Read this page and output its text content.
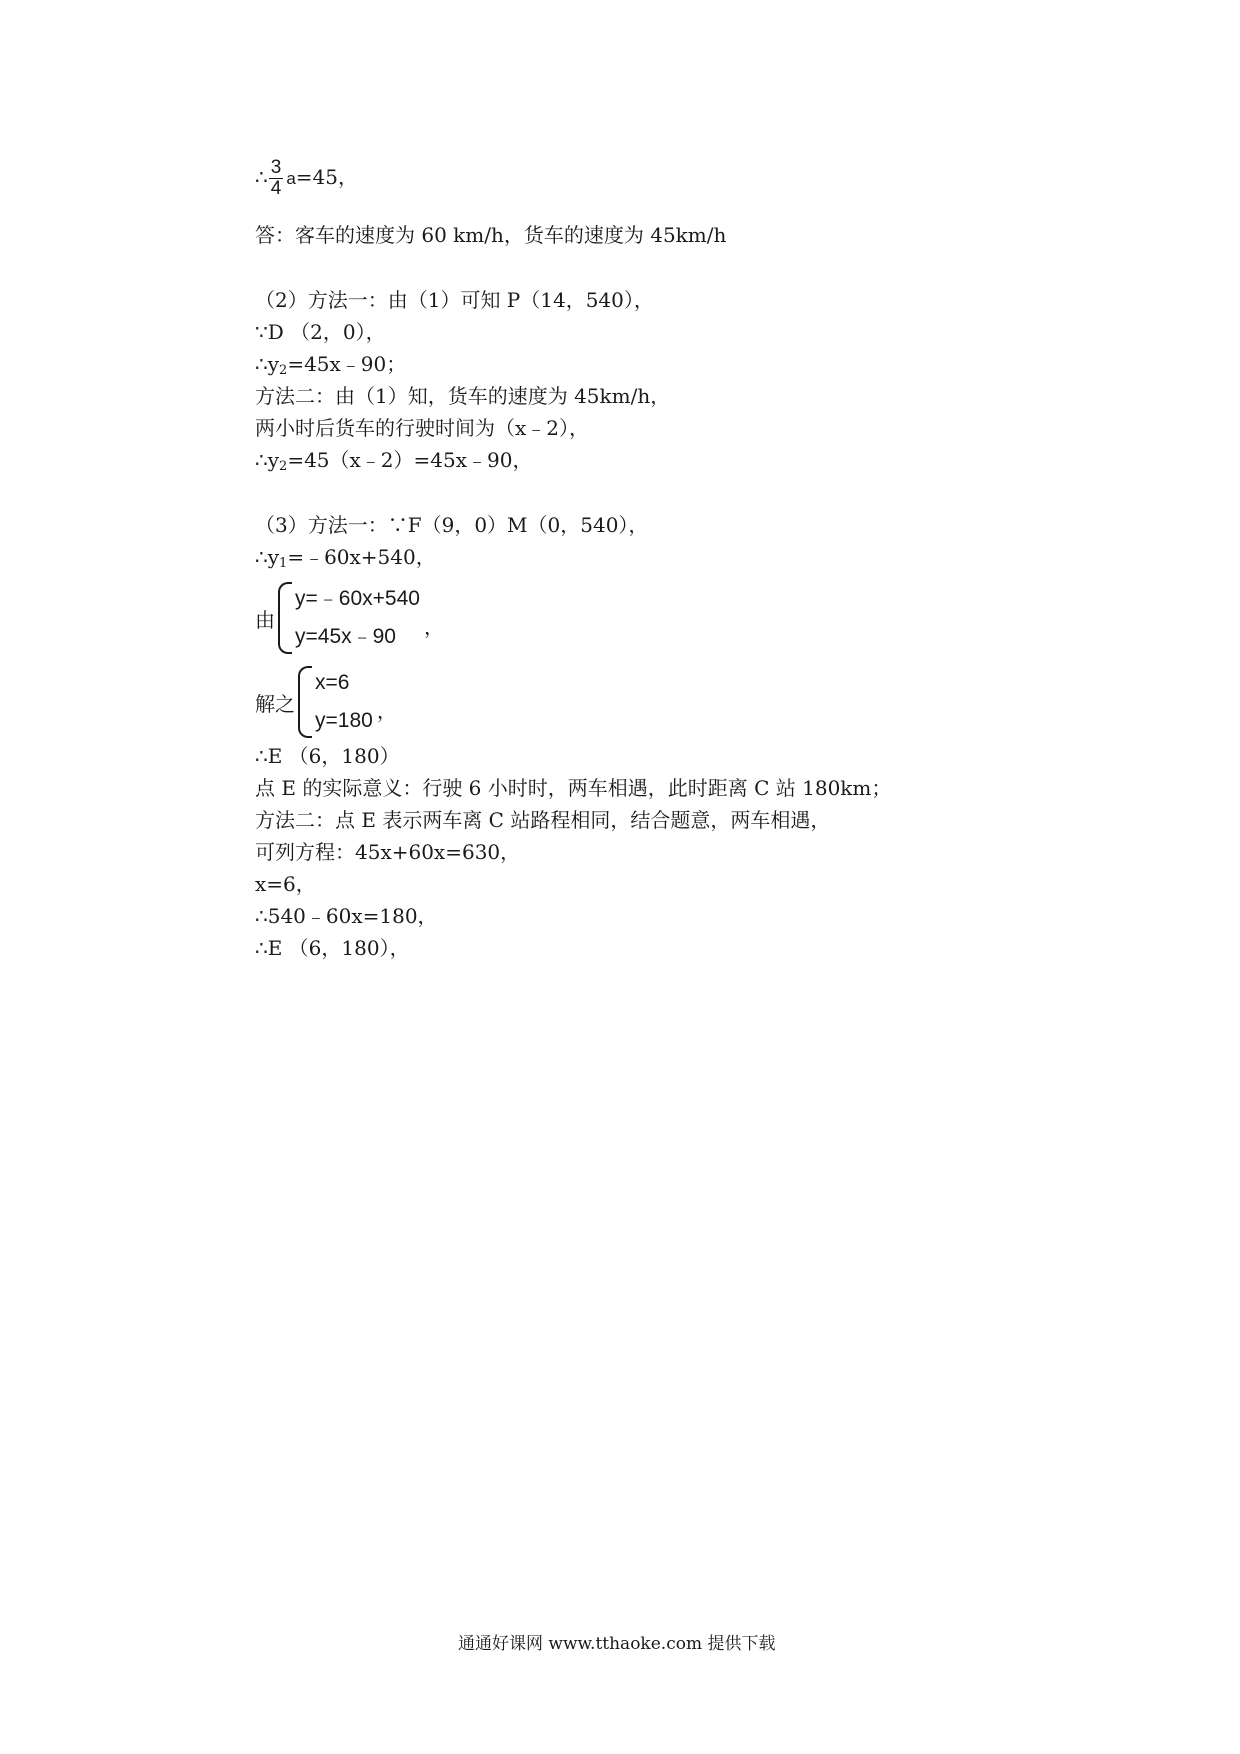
∴ $\frac{3}{4} a=45$，
答：客车的速度为 60 km/h，货车的速度为 45km/h
（2）方法一：由（1）可知 P（14，540），
∵D （2，0），
$\therefore y_2=45x﹣90$；
方法二：由（1）知，货车的速度为 45km/h，
两小时后货车的行驶时间为（x﹣2），
$\therefore y_2=45(x﹣2)=45x﹣90$，
（3）方法一：∵F（9，0）M（0，540），
$\therefore y_1=﹣60x+540$，
由
y=﹣60x+540
y=45x﹣90	，
解之
x=6
y=180 ，
∴E （6，180）
点 E 的实际意义：行驶 6 小时时，两车相遇，此时距离 C 站 180km；
方法二：点 E 表示两车离 C 站路程相同，结合题意，两车相遇，
可列方程：45x+60x=630，
x=6，
∴540﹣60x=180，
∴E （6，180），
通通好课网 www.tthaoke.com 提供下载
